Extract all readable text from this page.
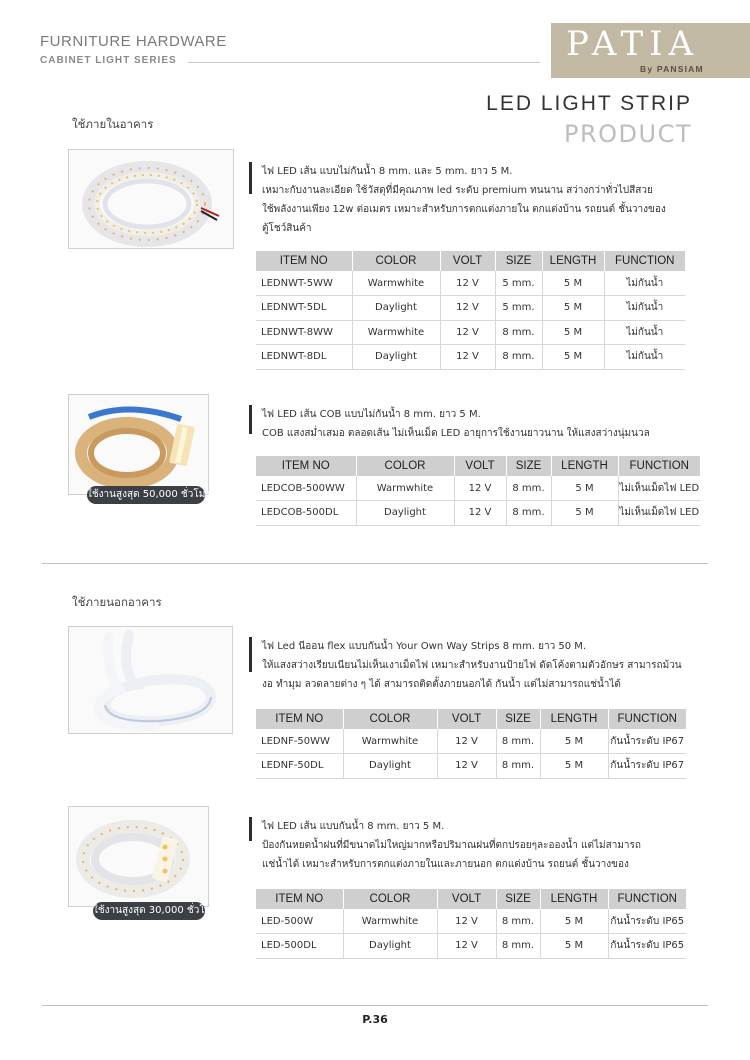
FURNITURE HARDWARE
CABINET LIGHT SERIES	PATIA
By PANSIAM
LED LIGHT STRIP
PRODUCT
ใช้ภายในอาคาร
ไฟ LED เส้น แบบไม่กันน้ำ 8 mm. และ 5 mm. ยาว 5 M.
เหมาะกับงานละเอียด ใช้วัสดุที่มีคุณภาพ led ระดับ premium ทนนาน สว่างกว่าทั่วไปสีสวย
ใช้พลังงานเพียง 12w ต่อเมตร เหมาะสำหรับการตกแต่งภายใน ตกแต่งบ้าน รถยนต์ ชั้นวางของ
ตู้โชว์สินค้า
ITEM NO	COLOR	VOLT	SIZE	LENGTH	FUNCTION
LEDNWT-5WW	Warmwhite	12 V	5 mm.	5 M	ไม่กันน้ำ
LEDNWT-5DL	Daylight	12 V	5 mm.	5 M	ไม่กันน้ำ
LEDNWT-8WW	Warmwhite	12 V	8 mm.	5 M	ไม่กันน้ำ
LEDNWT-8DL	Daylight	12 V	8 mm.	5 M	ไม่กันน้ำ
ใช้งานสูงสุด 50,000 ชั่วโมง
ไฟ LED เส้น COB แบบไม่กันน้ำ 8 mm. ยาว 5 M.
COB แสงสม่ำเสมอ ตลอดเส้น ไม่เห็นเม็ด LED อายุการใช้งานยาวนาน ให้แสงสว่างนุ่มนวล
ITEM NO	COLOR	VOLT	SIZE	LENGTH	FUNCTION
LEDCOB-500WW	Warmwhite	12 V	8 mm.	5 M	ไม่เห็นเม็ดไฟ LED
LEDCOB-500DL	Daylight	12 V	8 mm.	5 M	ไม่เห็นเม็ดไฟ LED
ใช้ภายนอกอาคาร
ไฟ Led นีออน flex แบบกันน้ำ Your Own Way Strips 8 mm. ยาว 50 M.
ให้แสงสว่างเรียบเนียนไม่เห็นเงาเม็ดไฟ เหมาะสำหรับงานป้ายไฟ ดัดโค้งตามตัวอักษร สามารถม้วน
งอ ทำมุม ลวดลายต่าง ๆ ได้ สามารถติดตั้งภายนอกได้ กันน้ำ แต่ไม่สามารถแช่น้ำได้
ITEM NO	COLOR	VOLT	SIZE	LENGTH	FUNCTION
LEDNF-50WW	Warmwhite	12 V	8 mm.	5 M	กันน้ำระดับ IP67
LEDNF-50DL	Daylight	12 V	8 mm.	5 M	กันน้ำระดับ IP67
ใช้งานสูงสุด 30,000 ชั่วโมง
ไฟ LED เส้น แบบกันน้ำ 8 mm. ยาว 5 M.
ป้องกันหยดน้ำฝนที่มีขนาดไม่ใหญ่มากหรือปริมาณฝนที่ตกปรอยๆละอองน้ำ แต่ไม่สามารถ
แช่น้ำได้ เหมาะสำหรับการตกแต่งภายในและภายนอก ตกแต่งบ้าน รถยนต์ ชั้นวางของ
ITEM NO	COLOR	VOLT	SIZE	LENGTH	FUNCTION
LED-500W	Warmwhite	12 V	8 mm.	5 M	กันน้ำระดับ IP65
LED-500DL	Daylight	12 V	8 mm.	5 M	กันน้ำระดับ IP65
P.36
